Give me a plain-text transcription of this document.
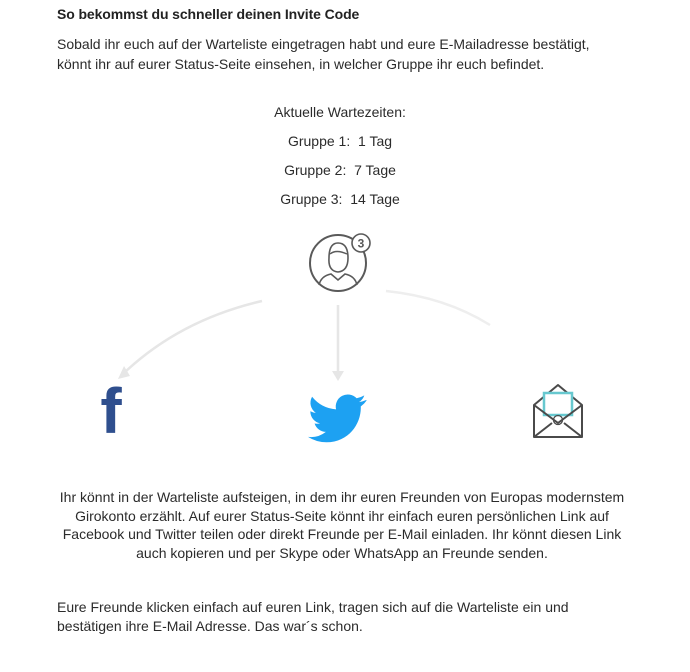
So bekommst du schneller deinen Invite Code
Sobald ihr euch auf der Warteliste eingetragen habt und eure E-Mailadresse bestätigt, könnt ihr auf eurer Status-Seite einsehen, in welcher Gruppe ihr euch befindet.
Aktuelle Wartezeiten:
Gruppe 1: 1 Tag
Gruppe 2: 7 Tage
Gruppe 3: 14 Tage
3
f
Ihr könnt in der Warteliste aufsteigen, in dem ihr euren Freunden von Europas modernstem Girokonto erzählt. Auf eurer Status-Seite könnt ihr einfach euren persönlichen Link auf Facebook und Twitter teilen oder direkt Freunde per E-Mail einladen. Ihr könnt diesen Link auch kopieren und per Skype oder WhatsApp an Freunde senden.
Eure Freunde klicken einfach auf euren Link, tragen sich auf die Warteliste ein und bestätigen ihre E-Mail Adresse. Das war´s schon.
